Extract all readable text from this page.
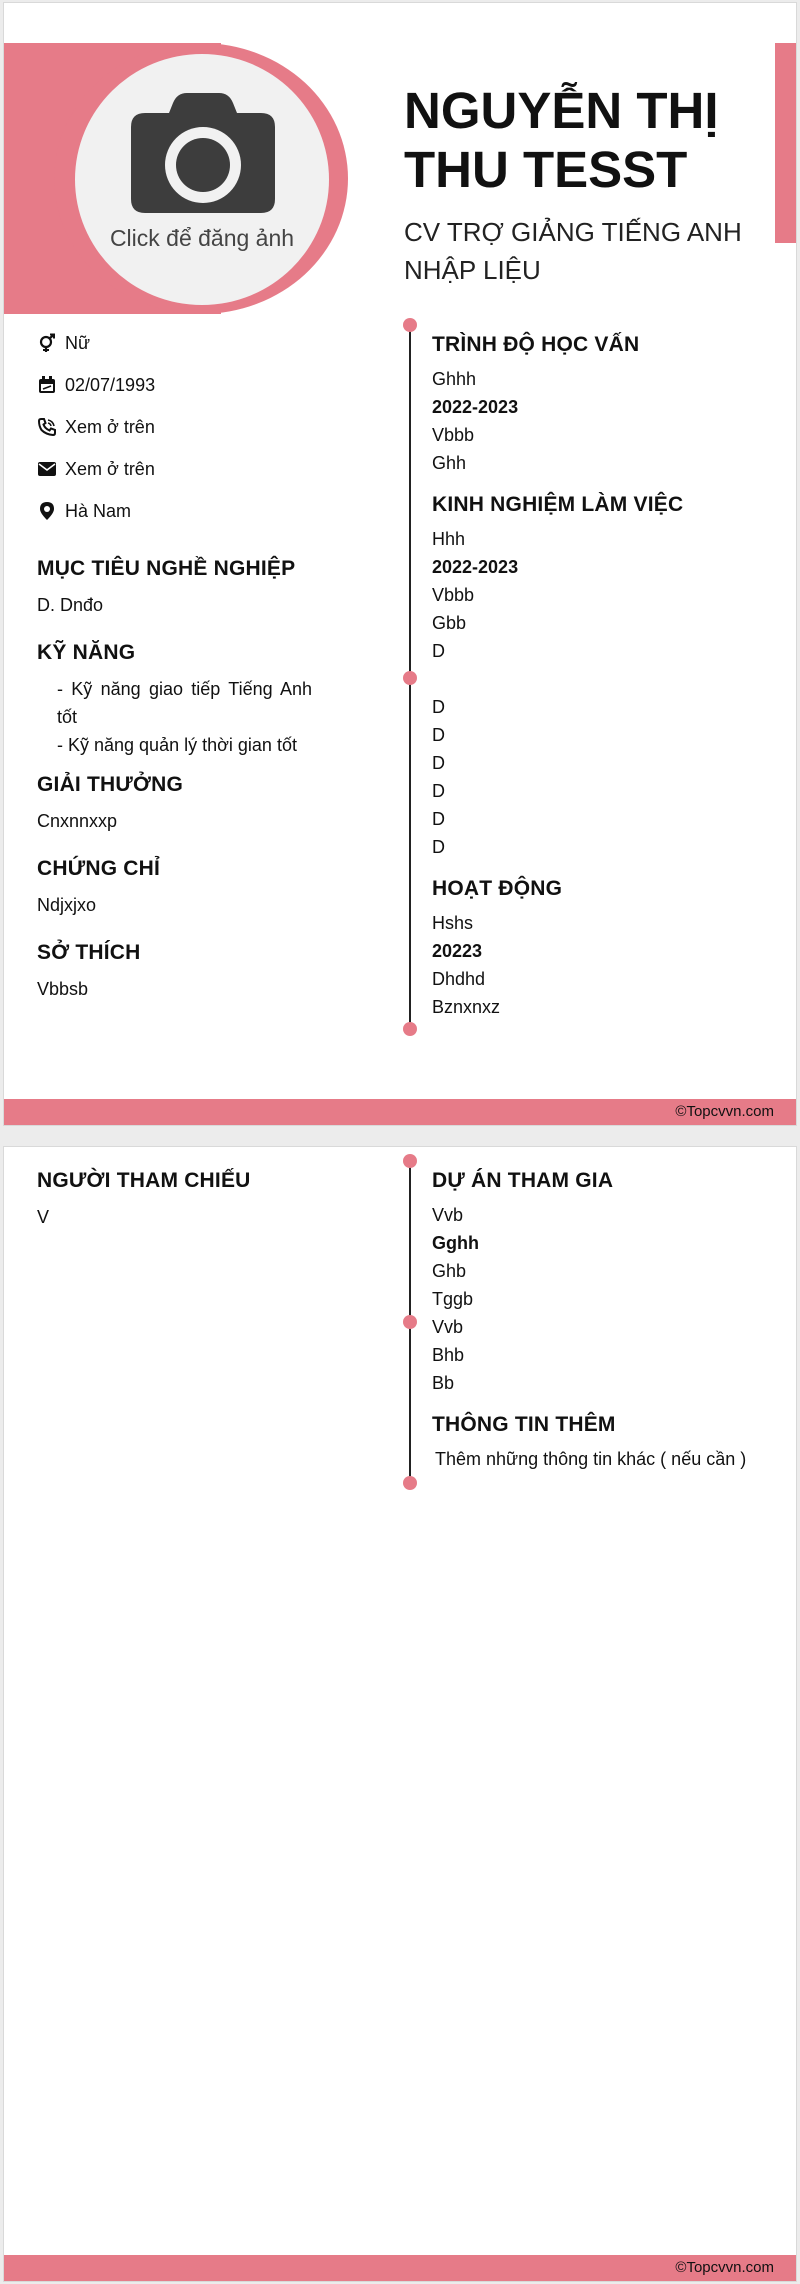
Click để đăng ảnh
NGUYỄN THỊ THU TESST
CV TRỢ GIẢNG TIẾNG ANH NHẬP LIỆU
Nữ
02/07/1993
Xem ở trên
Xem ở trên
Hà Nam
MỤC TIÊU NGHỀ NGHIỆP
D. Dnđo
KỸ NĂNG
- Kỹ năng giao tiếp Tiếng Anh tốt
- Kỹ năng quản lý thời gian tốt
GIẢI THƯỞNG
Cnxnnxxp
CHỨNG CHỈ
Ndjxjxo
SỞ THÍCH
Vbbsb
TRÌNH ĐỘ HỌC VẤN
Ghhh
2022-2023
Vbbb
Ghh
KINH NGHIỆM LÀM VIỆC
Hhh
2022-2023
Vbbb
Gbb
D
D
D
D
D
D
D
HOẠT ĐỘNG
Hshs
20223
Dhdhd
Bznxnxz
©Topcvvn.com
NGƯỜI THAM CHIẾU
V
DỰ ÁN THAM GIA
Vvb
Gghh
Ghb
Tggb
Vvb
Bhb
Bb
THÔNG TIN THÊM
Thêm những thông tin khác ( nếu cần )
©Topcvvn.com
